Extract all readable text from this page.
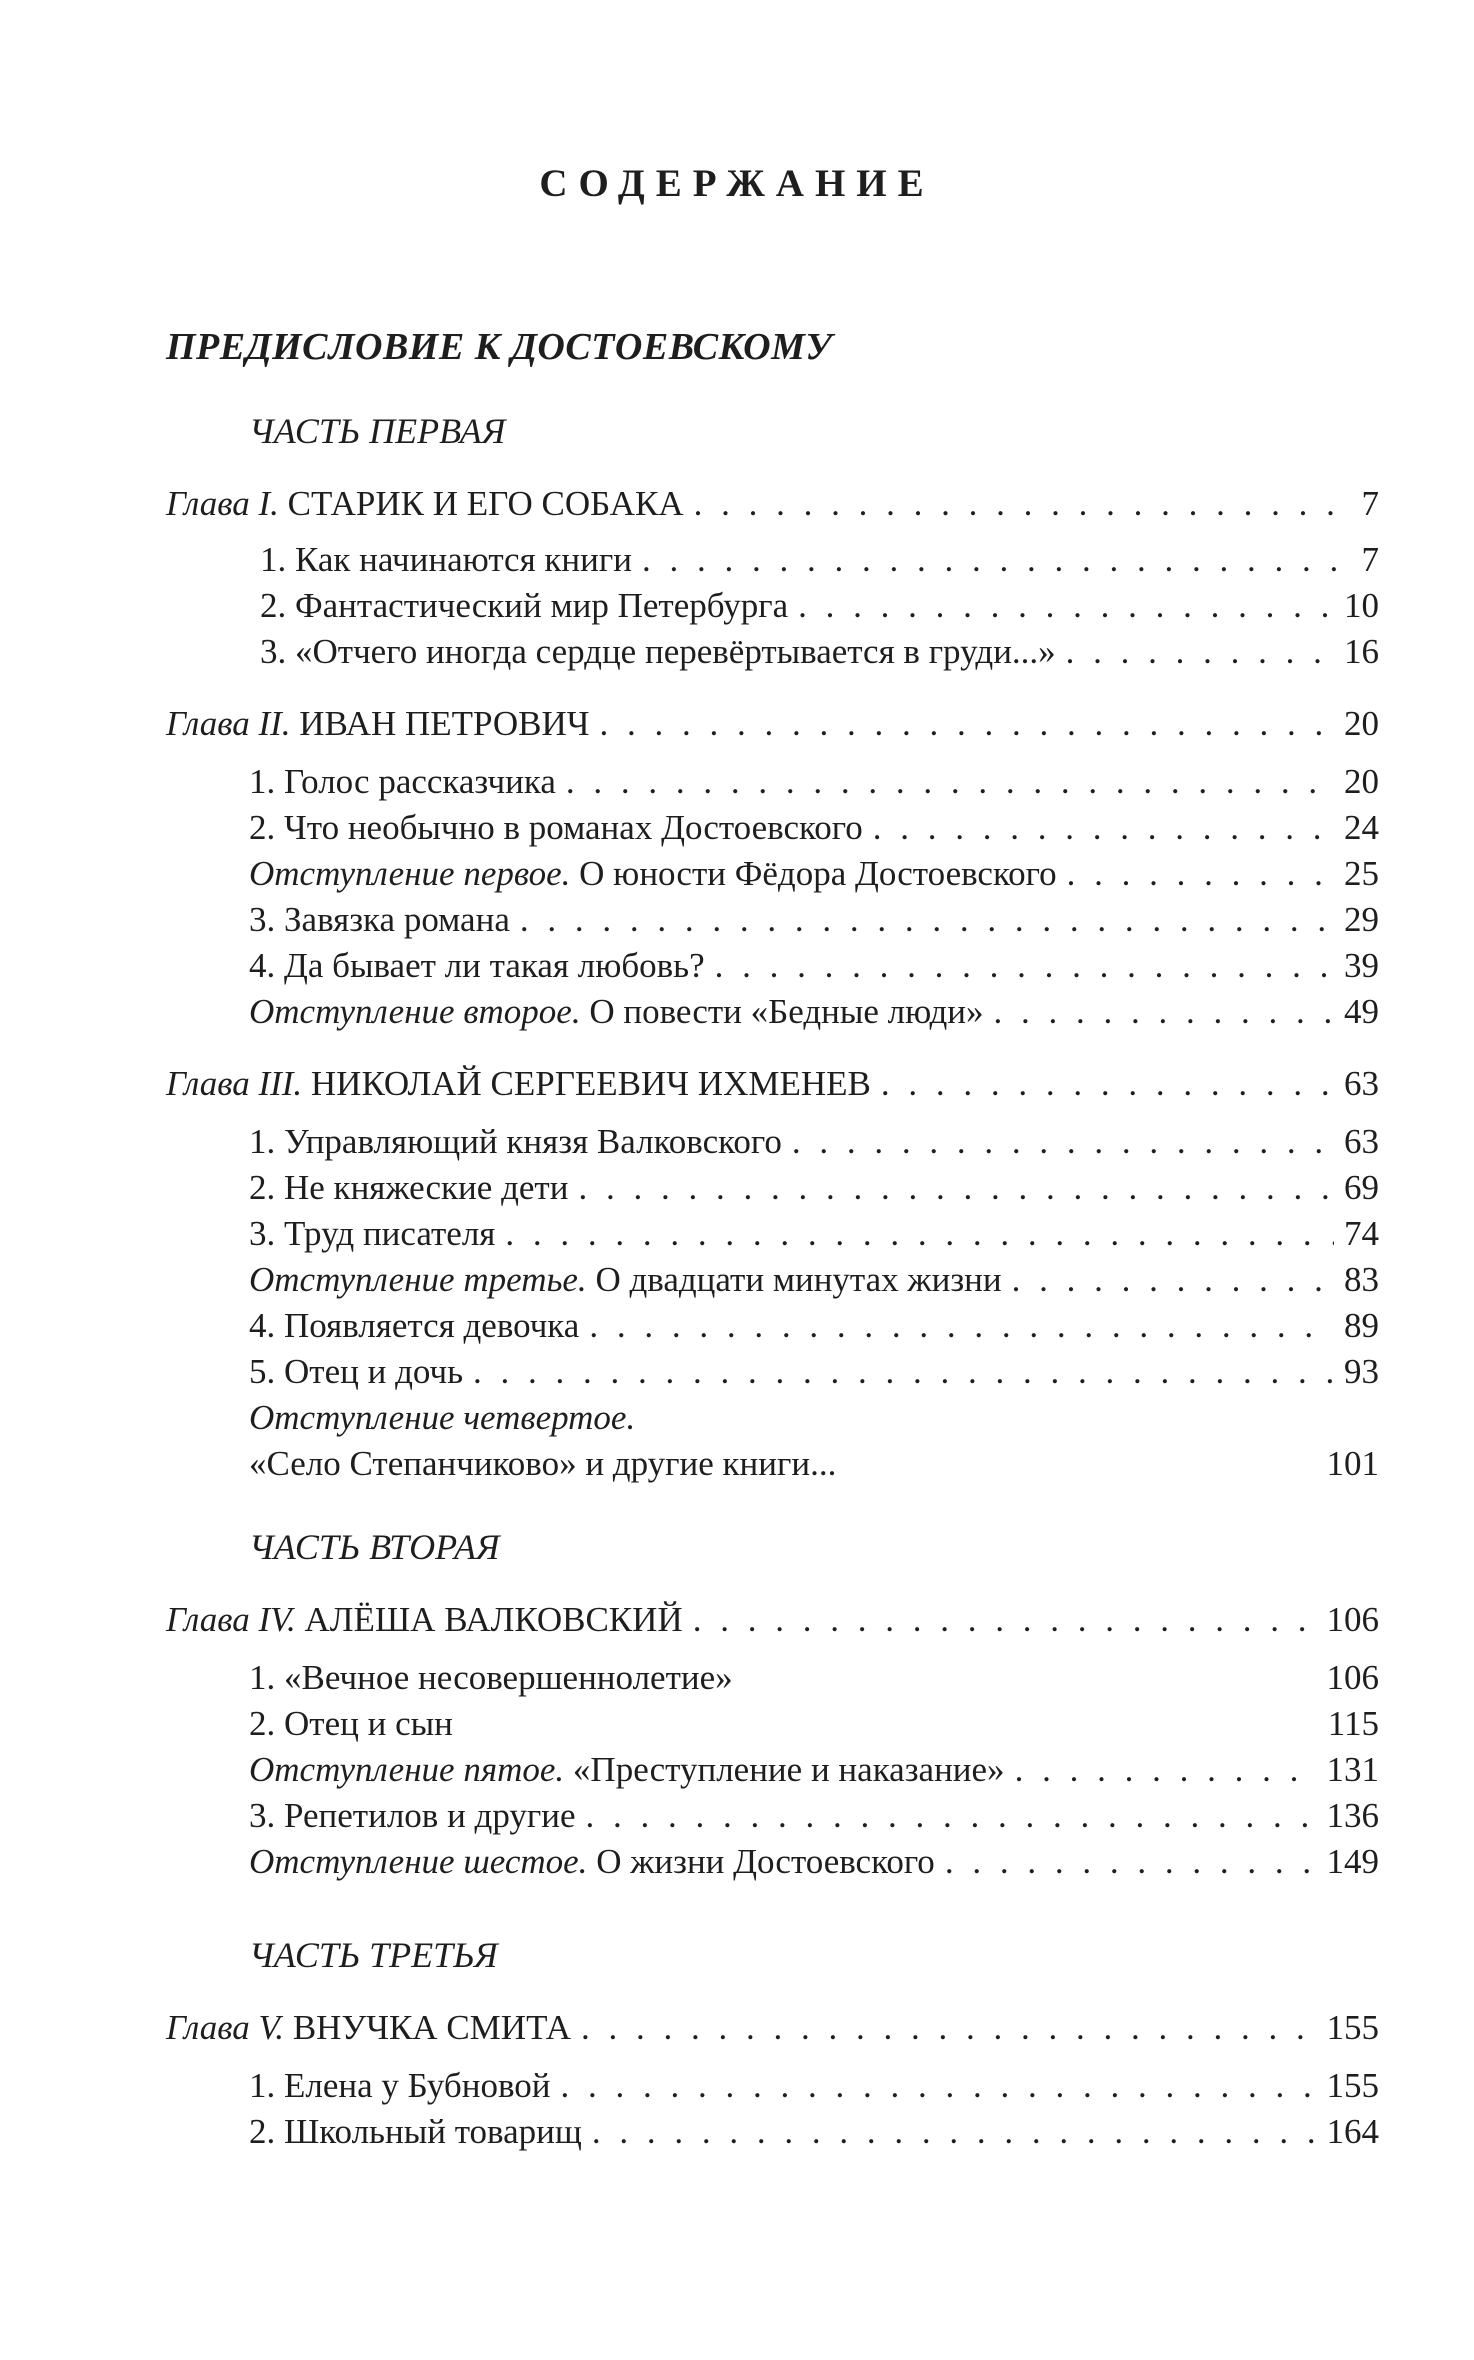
СОДЕРЖАНИЕ
ПРЕДИСЛОВИЕ К ДОСТОЕВСКОМУ
ЧАСТЬ ПЕРВАЯ
Глава I. СТАРИК И ЕГО СОБАКА . . .	7
1. Как начинаются книги . . .	7
2. Фантастический мир Петербурга . . .	10
3. «Отчего иногда сердце перевёртывается в груди...» . . .	16
Глава II. ИВАН ПЕТРОВИЧ . . .	20
1. Голос рассказчика . . .	20
2. Что необычно в романах Достоевского . . .	24
Отступление первое. О юности Фёдора Достоевского . . .	25
3. Завязка романа . . .	29
4. Да бывает ли такая любовь? . . .	39
Отступление второе. О повести «Бедные люди» . . .	49
Глава III. НИКОЛАЙ СЕРГЕЕВИЧ ИХМЕНЕВ . . .	63
1. Управляющий князя Валковского . . .	63
2. Не княжеские дети . . .	69
3. Труд писателя . . .	74
Отступление третье. О двадцати минутах жизни . . .	83
4. Появляется девочка . . .	89
5. Отец и дочь . . .	93
Отступление четвертое.
«Село Степанчиково» и другие книги...	101
ЧАСТЬ ВТОРАЯ
Глава IV. АЛЁША ВАЛКОВСКИЙ . . .	106
1. «Вечное несовершеннолетие»	106
2. Отец и сын	115
Отступление пятое. «Преступление и наказание» . . .	131
3. Репетилов и другие . . .	136
Отступление шестое. О жизни Достоевского . . .	149
ЧАСТЬ ТРЕТЬЯ
Глава V. ВНУЧКА СМИТА . . .	155
1. Елена у Бубновой . . .	155
2. Школьный товарищ . . .	164
